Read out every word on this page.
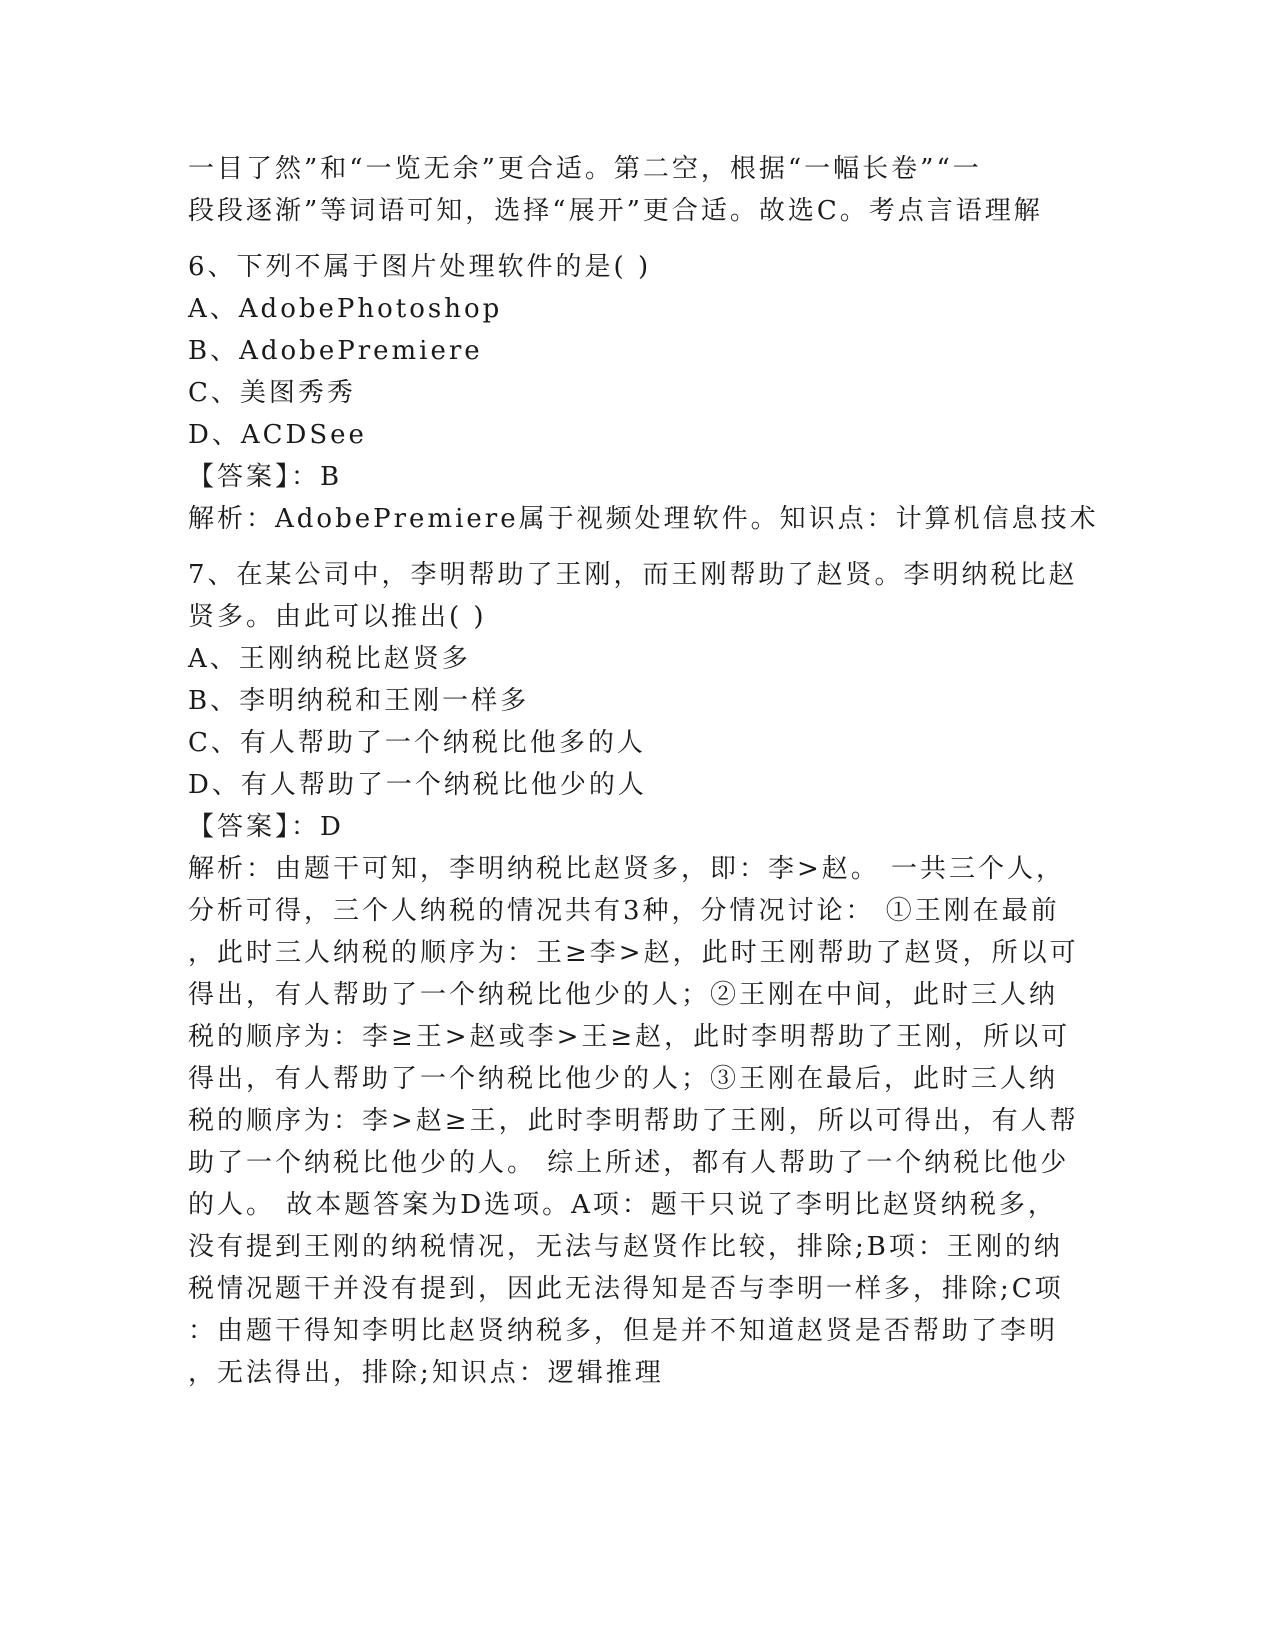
一目了然”和“一览无余”更合适。第二空，根据“一幅长卷”“一
段段逐渐”等词语可知，选择“展开”更合适。故选C。考点言语理解
6、下列不属于图片处理软件的是( )
A、AdobePhotoshop
B、AdobePremiere
C、美图秀秀
D、ACDSee
【答案】：B
解析：AdobePremiere属于视频处理软件。知识点：计算机信息技术
7、在某公司中，李明帮助了王刚，而王刚帮助了赵贤。李明纳税比赵
贤多。由此可以推出( )
A、王刚纳税比赵贤多
B、李明纳税和王刚一样多
C、有人帮助了一个纳税比他多的人
D、有人帮助了一个纳税比他少的人
【答案】：D
解析：由题干可知，李明纳税比赵贤多，即：李>赵。 一共三个人，
分析可得，三个人纳税的情况共有3种，分情况讨论： ①王刚在最前
，此时三人纳税的顺序为：王≥李>赵，此时王刚帮助了赵贤，所以可
得出，有人帮助了一个纳税比他少的人；②王刚在中间，此时三人纳
税的顺序为：李≥王>赵或李>王≥赵，此时李明帮助了王刚，所以可
得出，有人帮助了一个纳税比他少的人；③王刚在最后，此时三人纳
税的顺序为：李>赵≥王，此时李明帮助了王刚，所以可得出，有人帮
助了一个纳税比他少的人。 综上所述，都有人帮助了一个纳税比他少
的人。 故本题答案为D选项。A项：题干只说了李明比赵贤纳税多，
没有提到王刚的纳税情况，无法与赵贤作比较，排除;B项：王刚的纳
税情况题干并没有提到，因此无法得知是否与李明一样多，排除;C项
：由题干得知李明比赵贤纳税多，但是并不知道赵贤是否帮助了李明
，无法得出，排除;知识点：逻辑推理
